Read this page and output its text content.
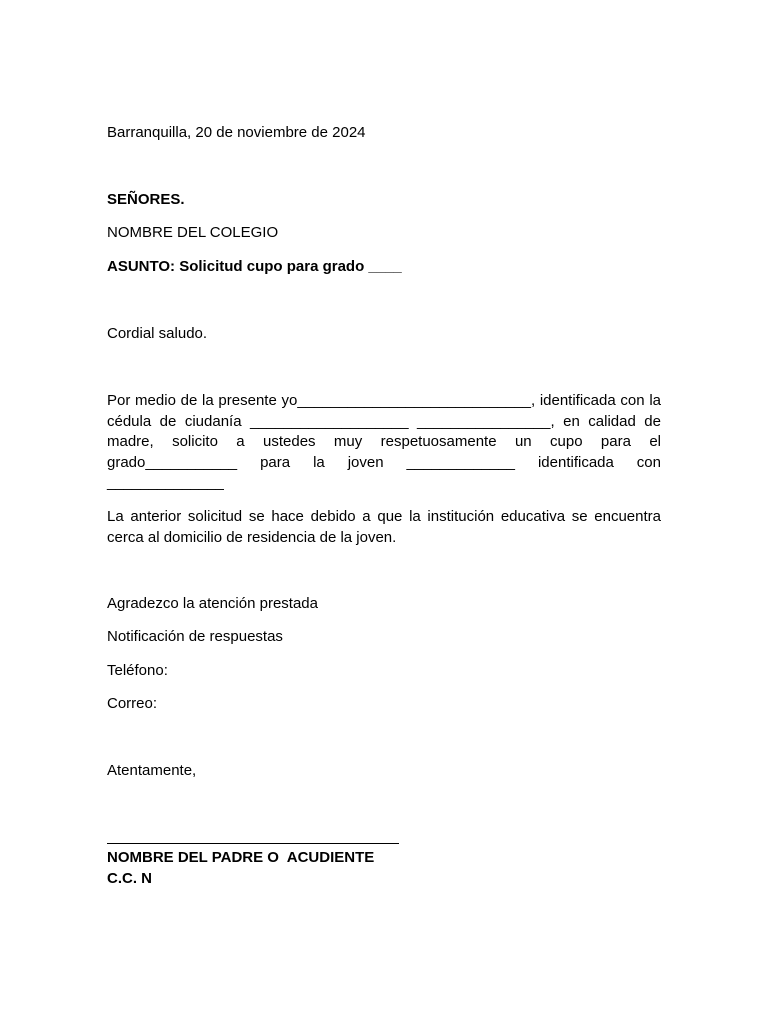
Barranquilla, 20 de noviembre de 2024
SEÑORES.
NOMBRE DEL COLEGIO
ASUNTO: Solicitud cupo para grado ____
Cordial saludo.
Por medio de la presente yo____________________________, identificada con la
cédula de ciudanía ___________________ ________________, en calidad de
madre, solicito a ustedes muy respetuosamente un cupo para el
grado___________ para la joven _____________ identificada con
______________
La anterior solicitud se hace debido a que la institución educativa se encuentra
cerca al domicilio de residencia de la joven.
Agradezco la atención prestada
Notificación de respuestas
Teléfono:
Correo:
Atentamente,
NOMBRE DEL PADRE O  ACUDIENTE
C.C. N
